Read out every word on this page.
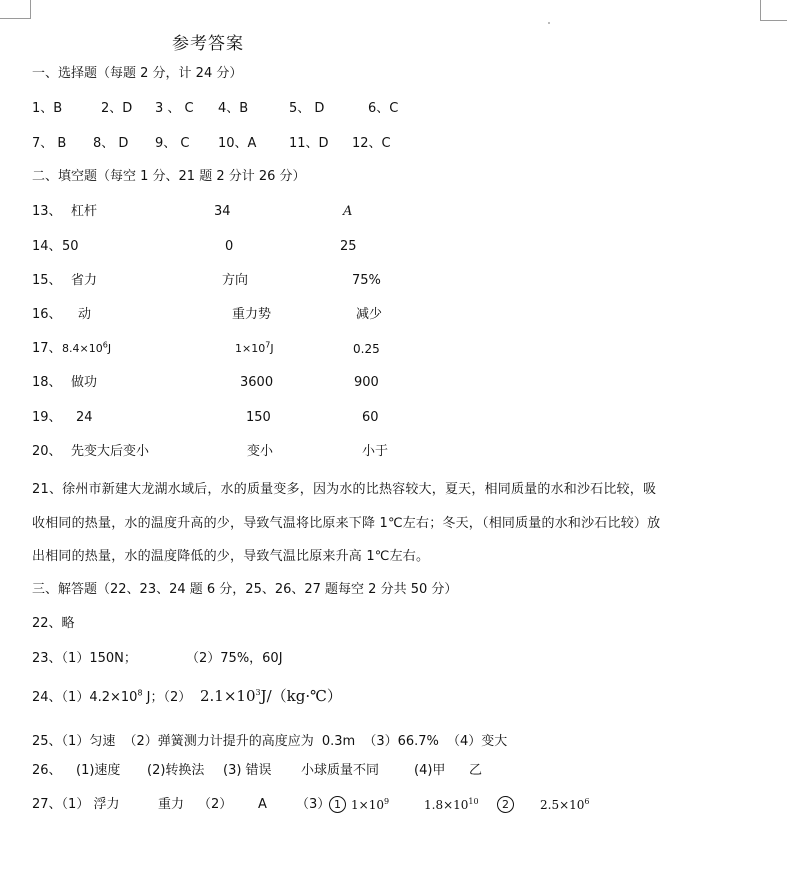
参考答案
一、选择题（每题 2 分，计 24 分）
1、B	2、D 3 、 C 4、B	5、 D	6、C
7、 B 8、 D 9、 C 10、A	11、D 12、C
二、填空题（每空 1 分、21 题 2 分计 26 分）
13、 杠杆	34	A
14、 50	0	25
15、 省力	方向	75%
16、 动	重力势	减少
17、 $8.4\times 10^6J$	$1\times 10^7J$	0.25
18、 做功	3600	900
19、 24	150	60
20、 先变大后变小	变小	小于
21、徐州市新建大龙湖水域后，水的质量变多，因为水的比热容较大，夏天，相同质量的水和沙石比较，吸
收相同的热量，水的温度升高的少，导致气温将比原来下降 1℃左右；冬天，（相同质量的水和沙石比较）放
出相同的热量，水的温度降低的少，导致气温比原来升高 1℃左右。
三、解答题（22、23、24 题 6 分，25、26、27 题每空 2 分共 50 分）
22、略
23、（1）150N；	（2）75%，60J
24、$(1)4.2\times 10^8$ J；（2） $2.1\times 10^3J/(kg\cdot℃)$
25、（1）匀速 （2）弹簧测力计提升的高度应为 0.3m （3）66.7% （4）变大
26、 (1)速度 (2)转换法 (3) 错误 小球质量不同	(4)甲 乙
27、（1） 浮力	重力 （2） A （3） 1 $1\times 10^9$	$1.8\times 10^{10}$	2	$2.5\times 10^6$
